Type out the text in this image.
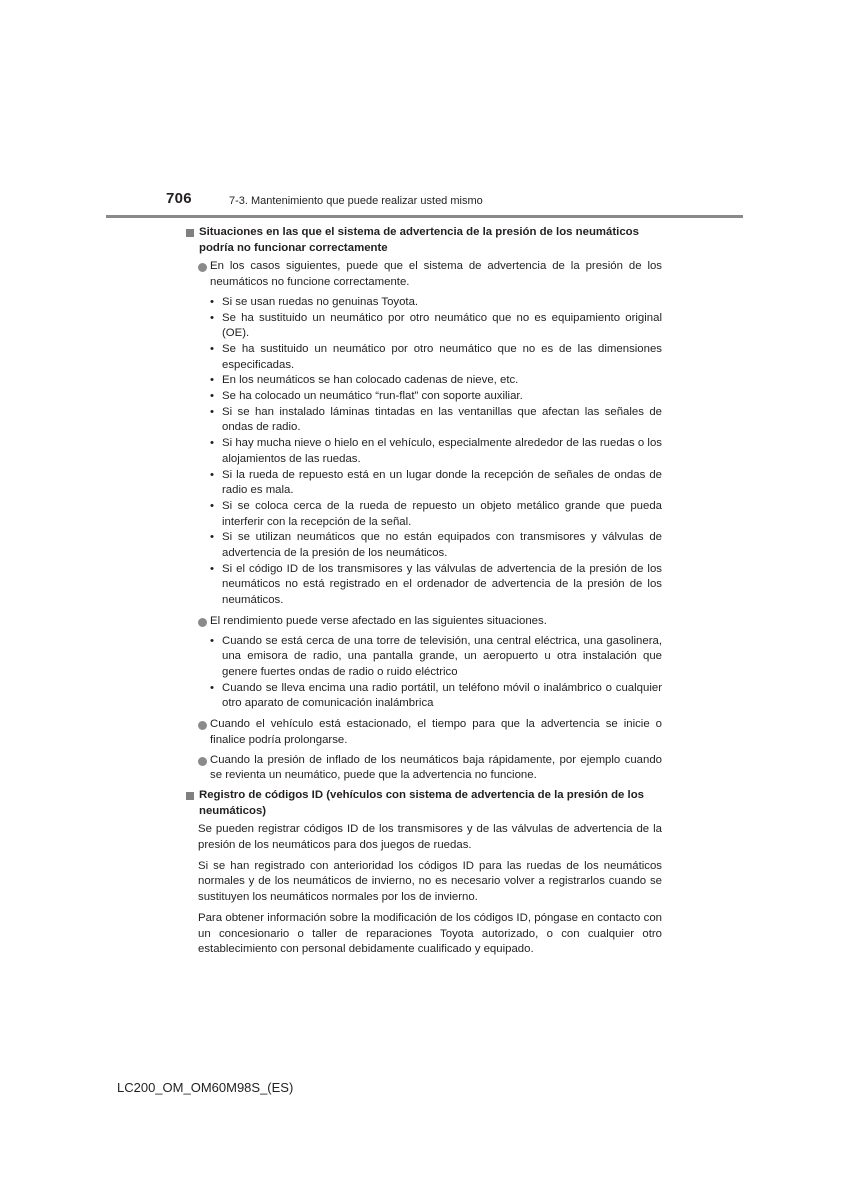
706	7-3. Mantenimiento que puede realizar usted mismo
Situaciones en las que el sistema de advertencia de la presión de los neumáticos podría no funcionar correctamente
En los casos siguientes, puede que el sistema de advertencia de la presión de los neumáticos no funcione correctamente.
• Si se usan ruedas no genuinas Toyota.
• Se ha sustituido un neumático por otro neumático que no es equipamiento original (OE).
• Se ha sustituido un neumático por otro neumático que no es de las dimensiones especificadas.
• En los neumáticos se han colocado cadenas de nieve, etc.
• Se ha colocado un neumático “run-flat” con soporte auxiliar.
• Si se han instalado láminas tintadas en las ventanillas que afectan las señales de ondas de radio.
• Si hay mucha nieve o hielo en el vehículo, especialmente alrededor de las ruedas o los alojamientos de las ruedas.
• Si la rueda de repuesto está en un lugar donde la recepción de señales de ondas de radio es mala.
• Si se coloca cerca de la rueda de repuesto un objeto metálico grande que pueda interferir con la recepción de la señal.
• Si se utilizan neumáticos que no están equipados con transmisores y válvulas de advertencia de la presión de los neumáticos.
• Si el código ID de los transmisores y las válvulas de advertencia de la presión de los neumáticos no está registrado en el ordenador de advertencia de la presión de los neumáticos.
El rendimiento puede verse afectado en las siguientes situaciones.
• Cuando se está cerca de una torre de televisión, una central eléctrica, una gasolinera, una emisora de radio, una pantalla grande, un aeropuerto u otra instalación que genere fuertes ondas de radio o ruido eléctrico
• Cuando se lleva encima una radio portátil, un teléfono móvil o inalámbrico o cualquier otro aparato de comunicación inalámbrica
Cuando el vehículo está estacionado, el tiempo para que la advertencia se inicie o finalice podría prolongarse.
Cuando la presión de inflado de los neumáticos baja rápidamente, por ejemplo cuando se revienta un neumático, puede que la advertencia no funcione.
Registro de códigos ID (vehículos con sistema de advertencia de la presión de los neumáticos)
Se pueden registrar códigos ID de los transmisores y de las válvulas de advertencia de la presión de los neumáticos para dos juegos de ruedas.
Si se han registrado con anterioridad los códigos ID para las ruedas de los neumáticos normales y de los neumáticos de invierno, no es necesario volver a registrarlos cuando se sustituyen los neumáticos normales por los de invierno.
Para obtener información sobre la modificación de los códigos ID, póngase en contacto con un concesionario o taller de reparaciones Toyota autorizado, o con cualquier otro establecimiento con personal debidamente cualificado y equipado.
LC200_OM_OM60M98S_(ES)
